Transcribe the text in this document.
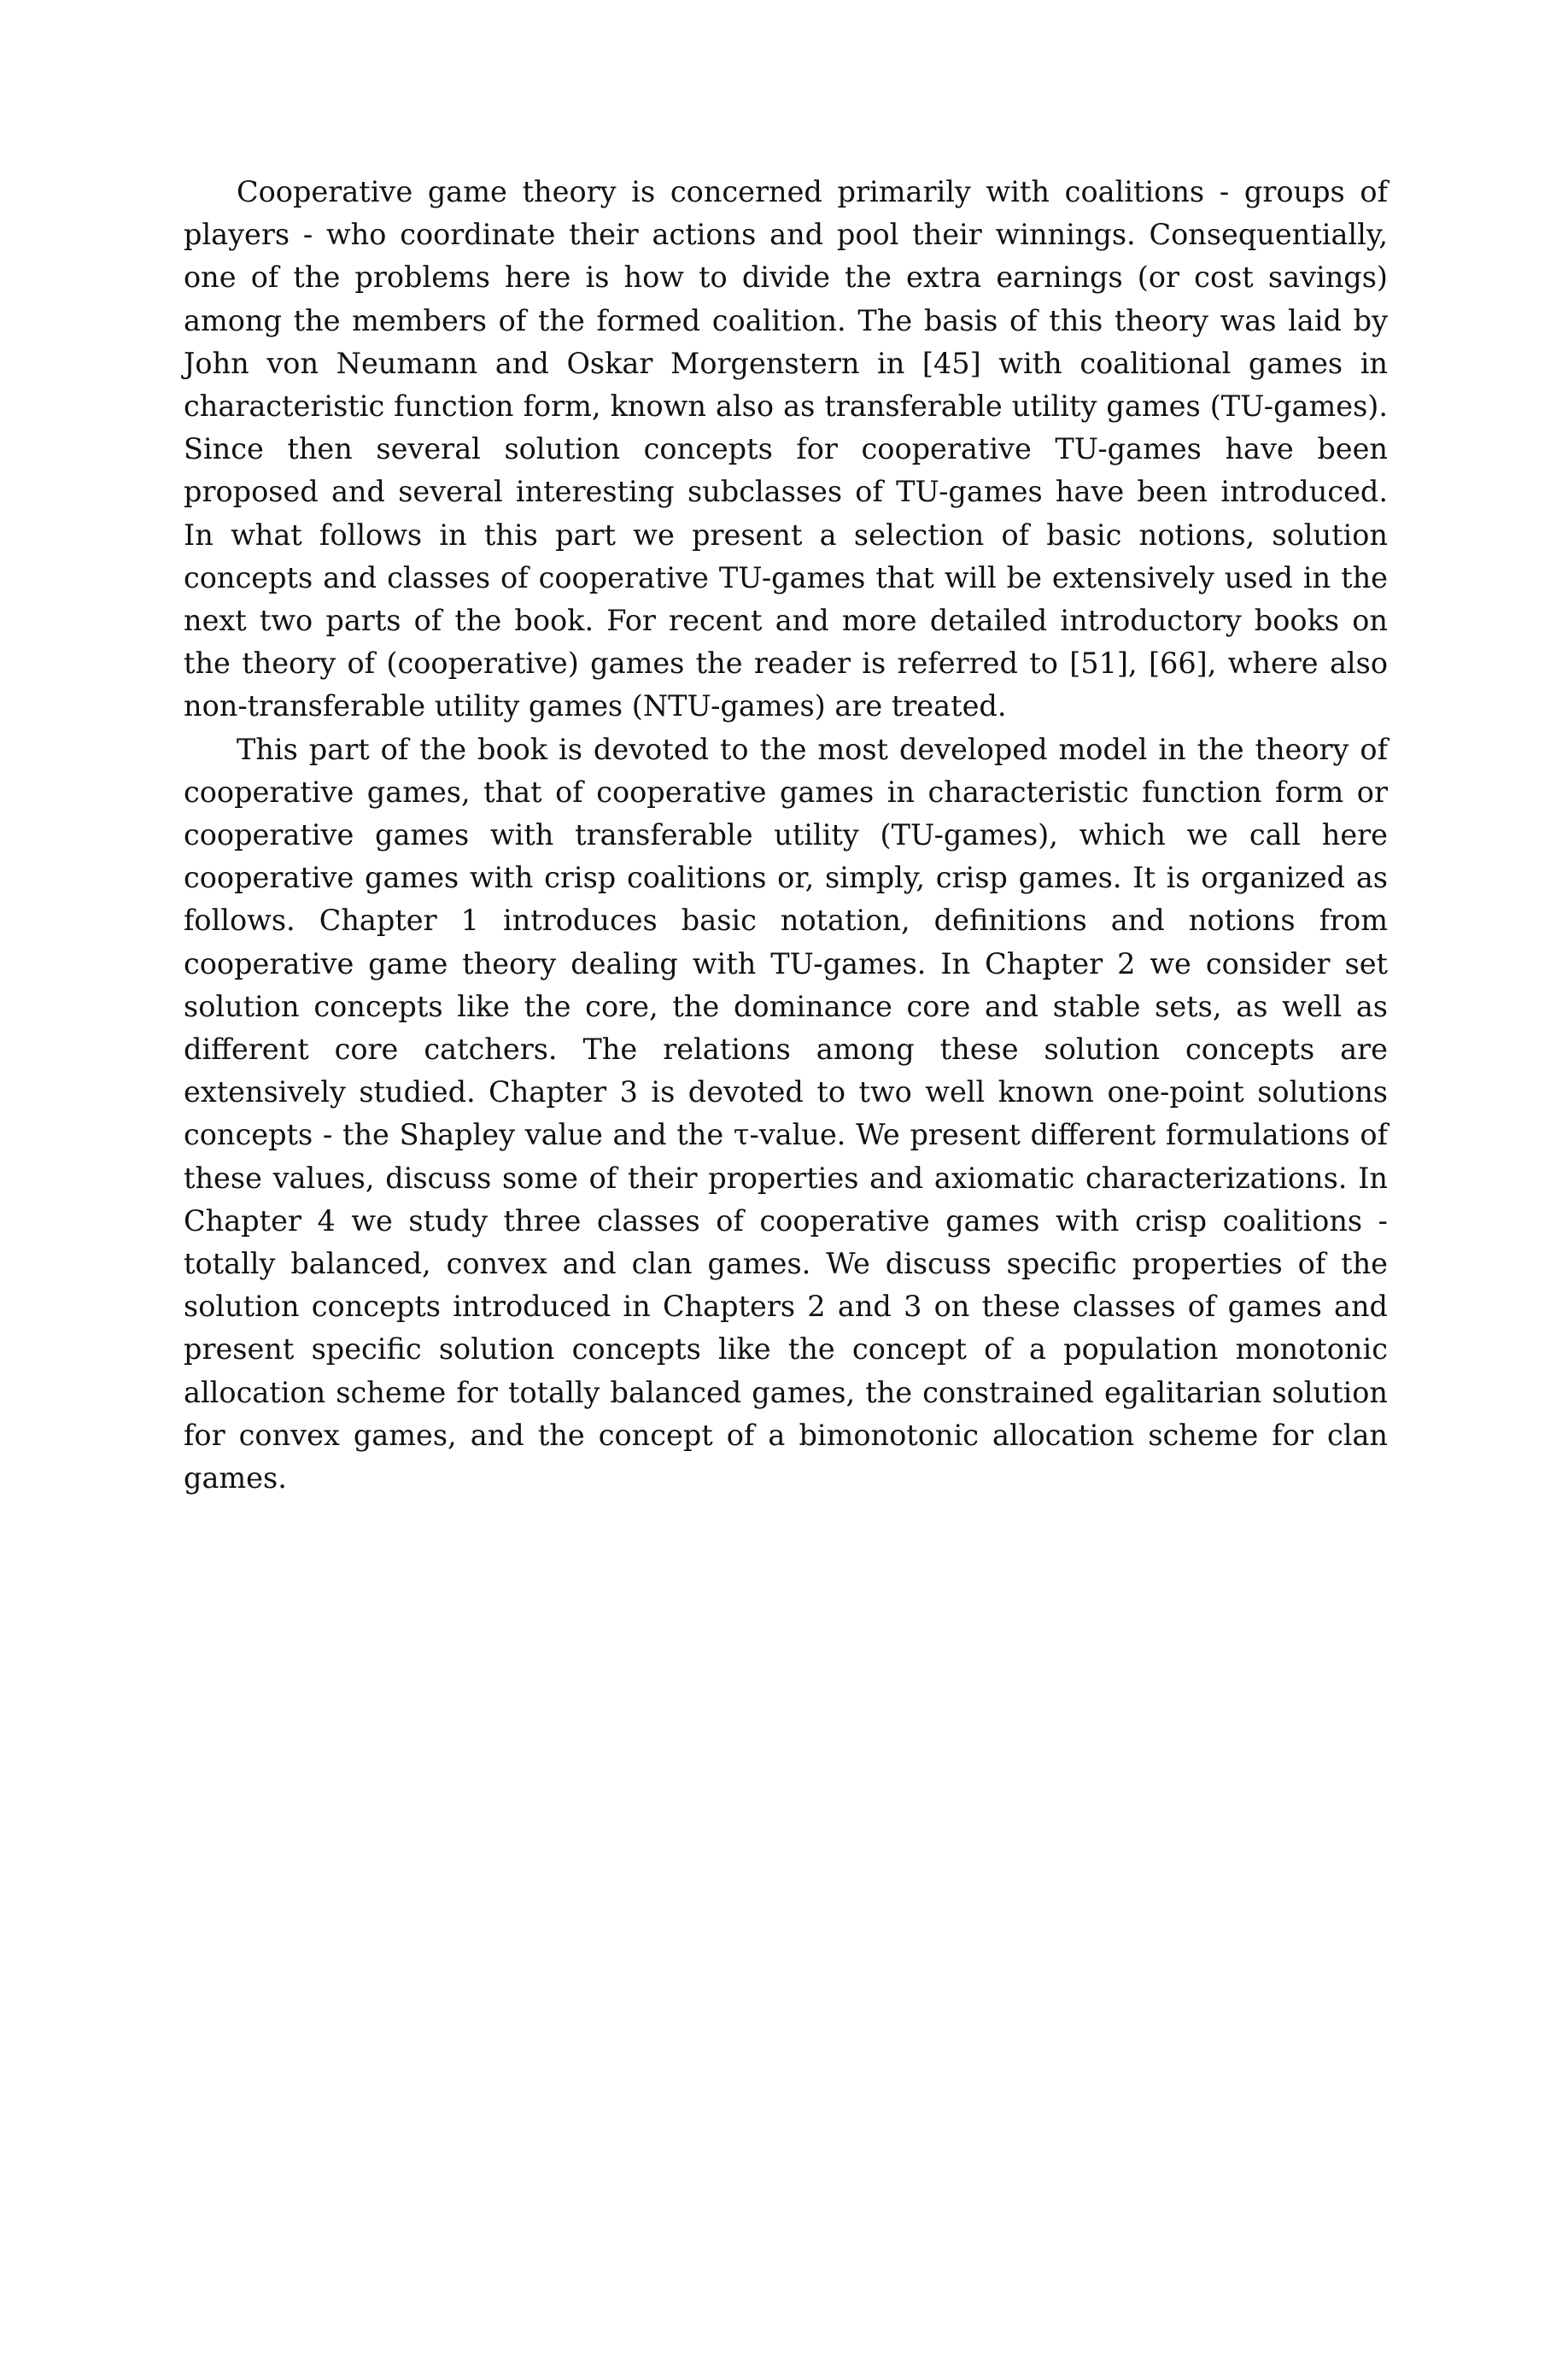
Cooperative game theory is concerned primarily with coalitions - groups of players - who coordinate their actions and pool their winnings. Consequentially, one of the problems here is how to divide the extra earnings (or cost savings) among the members of the formed coalition. The basis of this theory was laid by John von Neumann and Oskar Morgenstern in [45] with coalitional games in characteristic function form, known also as transferable utility games (TU-games). Since then several solution concepts for cooperative TU-games have been proposed and several interesting subclasses of TU-games have been introduced. In what follows in this part we present a selection of basic notions, solution concepts and classes of cooperative TU-games that will be extensively used in the next two parts of the book. For recent and more detailed introductory books on the theory of (cooperative) games the reader is referred to [51], [66], where also non-transferable utility games (NTU-games) are treated.

This part of the book is devoted to the most developed model in the theory of cooperative games, that of cooperative games in characteristic function form or cooperative games with transferable utility (TU-games), which we call here cooperative games with crisp coalitions or, simply, crisp games. It is organized as follows. Chapter 1 introduces basic notation, definitions and notions from cooperative game theory dealing with TU-games. In Chapter 2 we consider set solution concepts like the core, the dominance core and stable sets, as well as different core catchers. The relations among these solution concepts are extensively studied. Chapter 3 is devoted to two well known one-point solutions concepts - the Shapley value and the τ-value. We present different formulations of these values, discuss some of their properties and axiomatic characterizations. In Chapter 4 we study three classes of cooperative games with crisp coalitions - totally balanced, convex and clan games. We discuss specific properties of the solution concepts introduced in Chapters 2 and 3 on these classes of games and present specific solution concepts like the concept of a population monotonic allocation scheme for totally balanced games, the constrained egalitarian solution for convex games, and the concept of a bimonotonic allocation scheme for clan games.
